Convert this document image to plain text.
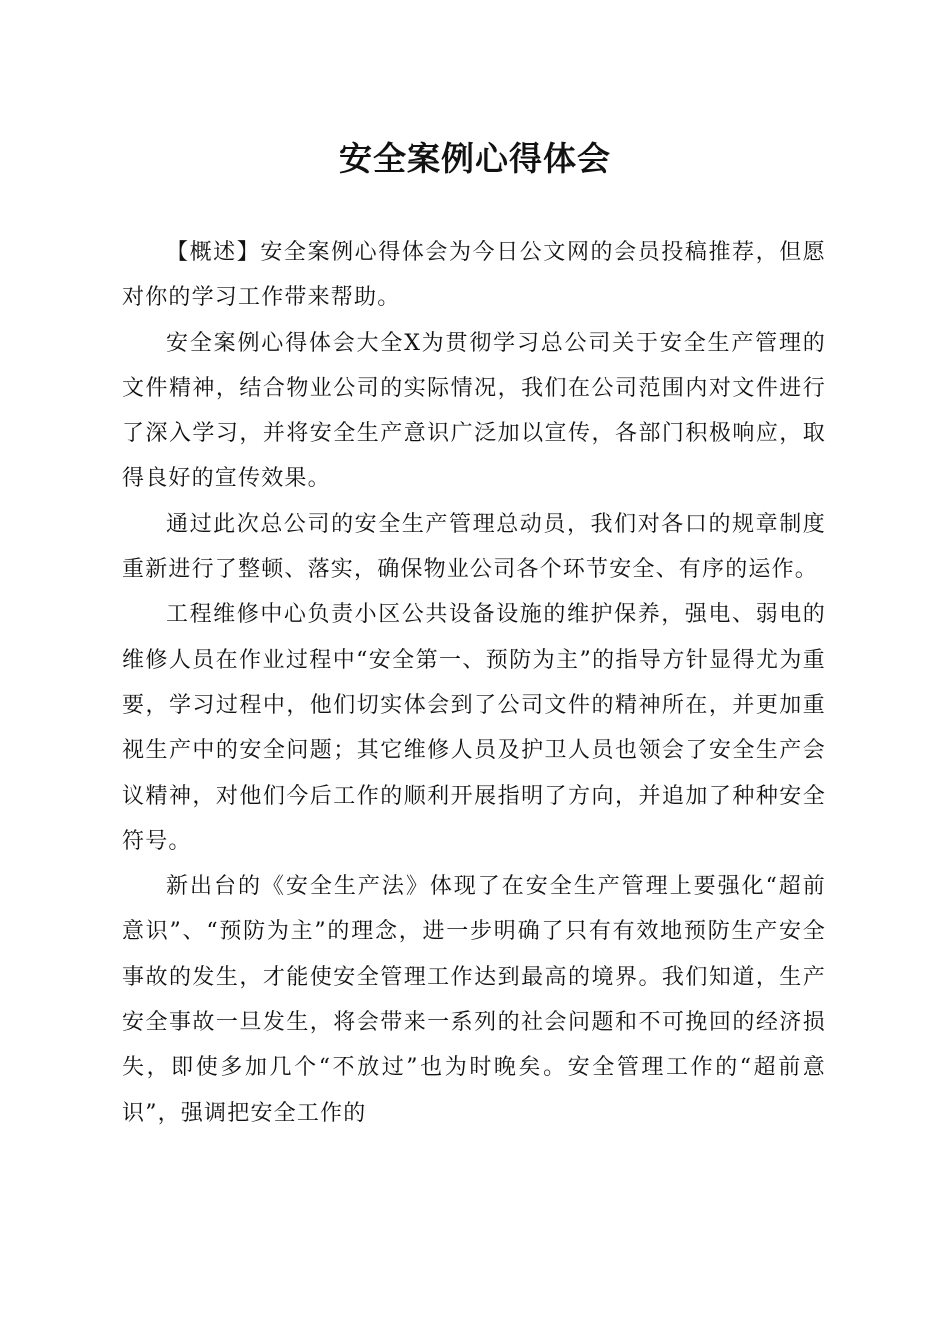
安全案例心得体会

【概述】安全案例心得体会为今日公文网的会员投稿推荐，但愿对你的学习工作带来帮助。

安全案例心得体会大全X为贯彻学习总公司关于安全生产管理的文件精神，结合物业公司的实际情况，我们在公司范围内对文件进行了深入学习，并将安全生产意识广泛加以宣传，各部门积极响应，取得良好的宣传效果。

通过此次总公司的安全生产管理总动员，我们对各口的规章制度重新进行了整顿、落实，确保物业公司各个环节安全、有序的运作。

工程维修中心负责小区公共设备设施的维护保养，强电、弱电的维修人员在作业过程中“安全第一、预防为主”的指导方针显得尤为重要，学习过程中，他们切实体会到了公司文件的精神所在，并更加重视生产中的安全问题；其它维修人员及护卫人员也领会了安全生产会议精神，对他们今后工作的顺利开展指明了方向，并追加了种种安全符号。

新出台的《安全生产法》体现了在安全生产管理上要强化“超前意识”、“预防为主”的理念，进一步明确了只有有效地预防生产安全事故的发生，才能使安全管理工作达到最高的境界。我们知道，生产安全事故一旦发生，将会带来一系列的社会问题和不可挽回的经济损失，即使多加几个“不放过”也为时晚矣。安全管理工作的“超前意识”，强调把安全工作的
